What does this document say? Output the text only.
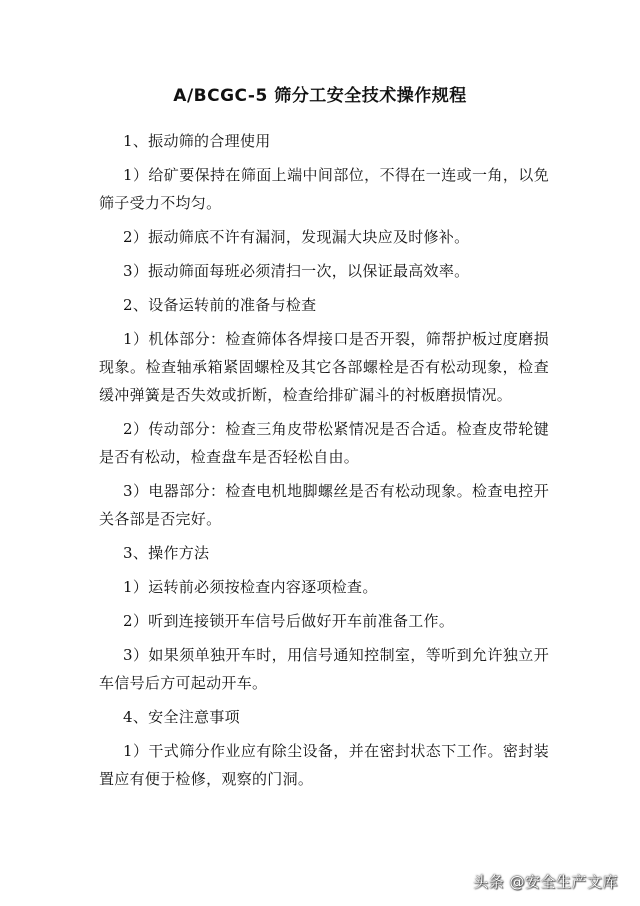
A/BCGC-5 筛分工安全技术操作规程

1、振动筛的合理使用

1）给矿要保持在筛面上端中间部位，不得在一连或一角，以免筛子受力不均匀。

2）振动筛底不许有漏洞，发现漏大块应及时修补。

3）振动筛面每班必须清扫一次，以保证最高效率。

2、设备运转前的准备与检查

1）机体部分：检查筛体各焊接口是否开裂，筛帮护板过度磨损现象。检查轴承箱紧固螺栓及其它各部螺栓是否有松动现象，检查缓冲弹簧是否失效或折断，检查给排矿漏斗的衬板磨损情况。

2）传动部分：检查三角皮带松紧情况是否合适。检查皮带轮键是否有松动，检查盘车是否轻松自由。

3）电器部分：检查电机地脚螺丝是否有松动现象。检查电控开关各部是否完好。

3、操作方法

1）运转前必须按检查内容逐项检查。

2）听到连接锁开车信号后做好开车前准备工作。

3）如果须单独开车时，用信号通知控制室，等听到允许独立开车信号后方可起动开车。

4、安全注意事项

1）干式筛分作业应有除尘设备，并在密封状态下工作。密封装置应有便于检修，观察的门洞。

头条 @安全生产文库
